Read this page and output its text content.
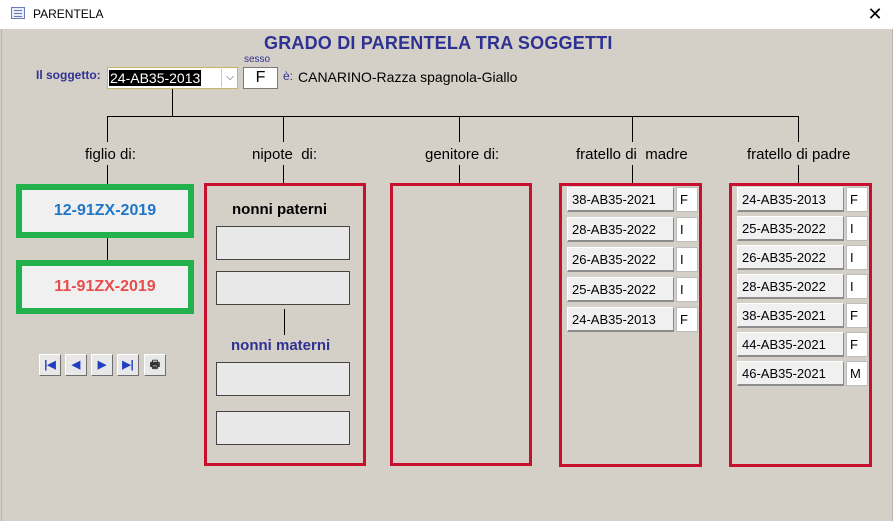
PARENTELA	✕
GRADO DI PARENTELA TRA SOGGETTI
Il soggetto: 24-AB35-2013	⌵
sesso
F	è: CANARINO-Razza spagnola-Giallo
figlio di:	nipote  di:	genitore di:	fratello di  madre	fratello di padre
12-91ZX-2019
11-91ZX-2019
|◀	◀	▶	▶|	🖶
nonni paterni
nonni materni
38-AB35-2021	F
28-AB35-2022	I
26-AB35-2022	I
25-AB35-2022	I
24-AB35-2013	F
24-AB35-2013	F
25-AB35-2022	I
26-AB35-2022	I
28-AB35-2022	I
38-AB35-2021	F
44-AB35-2021	F
46-AB35-2021	M
